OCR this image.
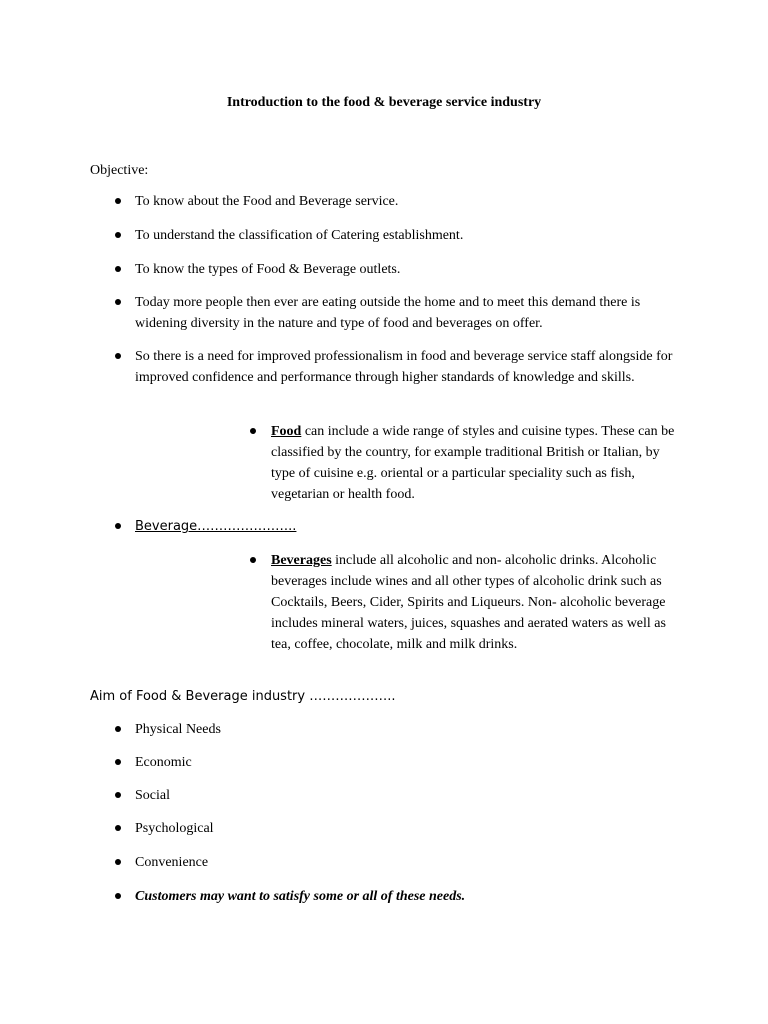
Introduction to the food & beverage service industry
Objective:
To know about the Food and Beverage service.
To understand the classification of Catering establishment.
To know the types of Food & Beverage outlets.
Today more people then ever are eating outside the home and to meet this demand there is widening diversity in the nature and type of food and beverages on offer.
So there is a need for improved professionalism in food and beverage service staff alongside for improved confidence and performance through higher standards of knowledge and skills.
Food can include a wide range of styles and cuisine types. These can be classified by the country, for example traditional British or Italian, by type of cuisine e.g. oriental or a particular speciality such as fish, vegetarian or health food.
Beverage…………………..
Beverages include all alcoholic and non- alcoholic drinks. Alcoholic beverages include wines and all other types of alcoholic drink such as Cocktails, Beers, Cider, Spirits and Liqueurs. Non- alcoholic beverage includes mineral waters, juices, squashes and aerated waters as well as tea, coffee, chocolate, milk and milk drinks.
Aim of Food & Beverage industry ………………..
Physical Needs
Economic
Social
Psychological
Convenience
Customers may want to satisfy some or all of these needs.
